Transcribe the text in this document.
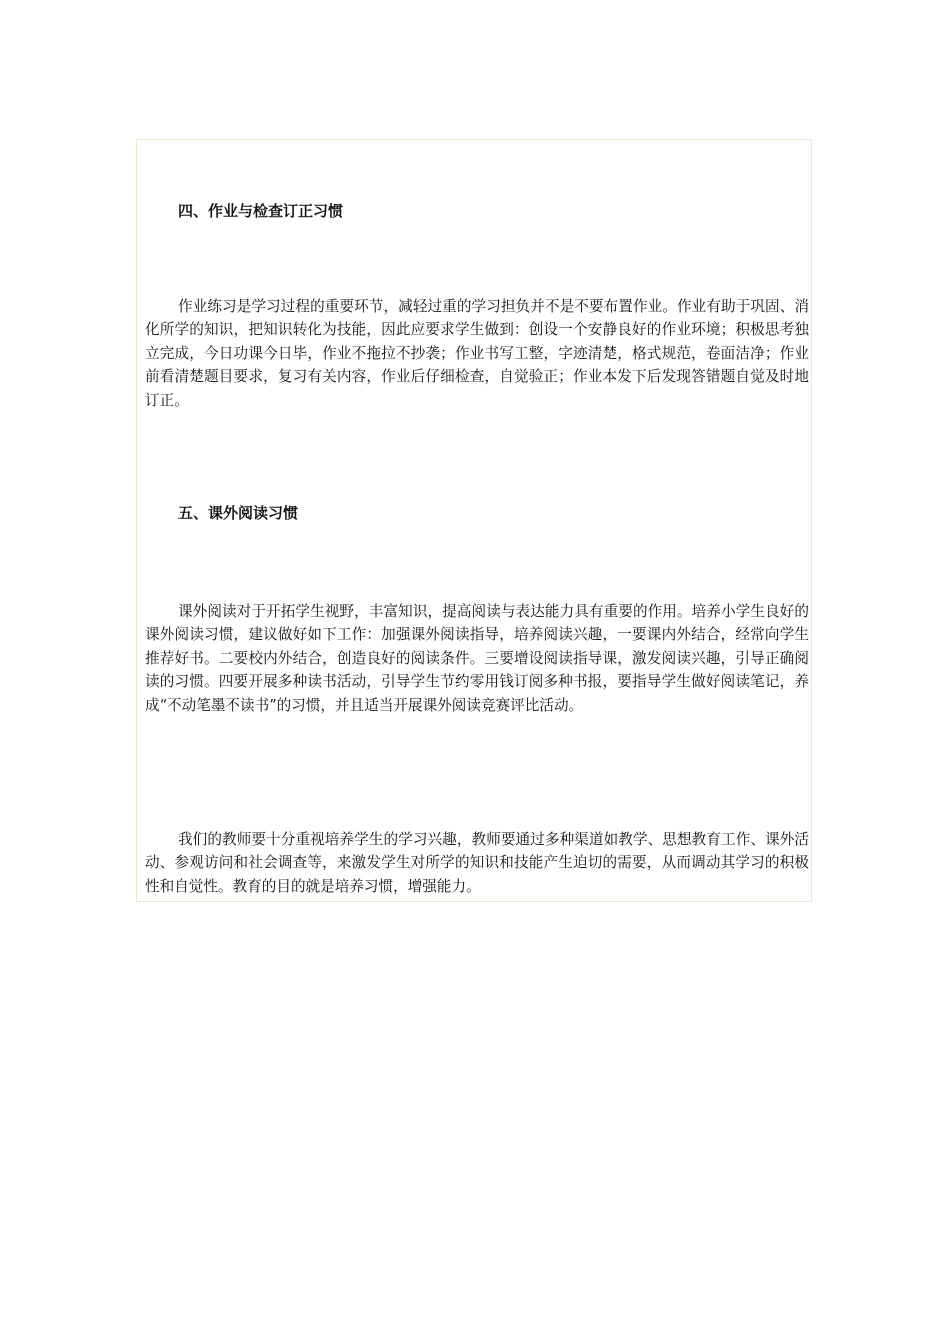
四、作业与检查订正习惯

作业练习是学习过程的重要环节，减轻过重的学习担负并不是不要布置作业。作业有助于巩固、消化所学的知识，把知识转化为技能，因此应要求学生做到：创设一个安静良好的作业环境；积极思考独立完成，今日功课今日毕，作业不拖拉不抄袭；作业书写工整，字迹清楚，格式规范，卷面洁净；作业前看清楚题目要求，复习有关内容，作业后仔细检查，自觉验正；作业本发下后发现答错题自觉及时地订正。

五、课外阅读习惯

课外阅读对于开拓学生视野，丰富知识，提高阅读与表达能力具有重要的作用。培养小学生良好的课外阅读习惯，建议做好如下工作：加强课外阅读指导，培养阅读兴趣，一要课内外结合，经常向学生推荐好书。二要校内外结合，创造良好的阅读条件。三要增设阅读指导课，激发阅读兴趣，引导正确阅读的习惯。四要开展多种读书活动，引导学生节约零用钱订阅多种书报，要指导学生做好阅读笔记，养成“不动笔墨不读书”的习惯，并且适当开展课外阅读竞赛评比活动。

我们的教师要十分重视培养学生的学习兴趣，教师要通过多种渠道如教学、思想教育工作、课外活动、参观访问和社会调查等，来激发学生对所学的知识和技能产生迫切的需要，从而调动其学习的积极性和自觉性。教育的目的就是培养习惯，增强能力。
